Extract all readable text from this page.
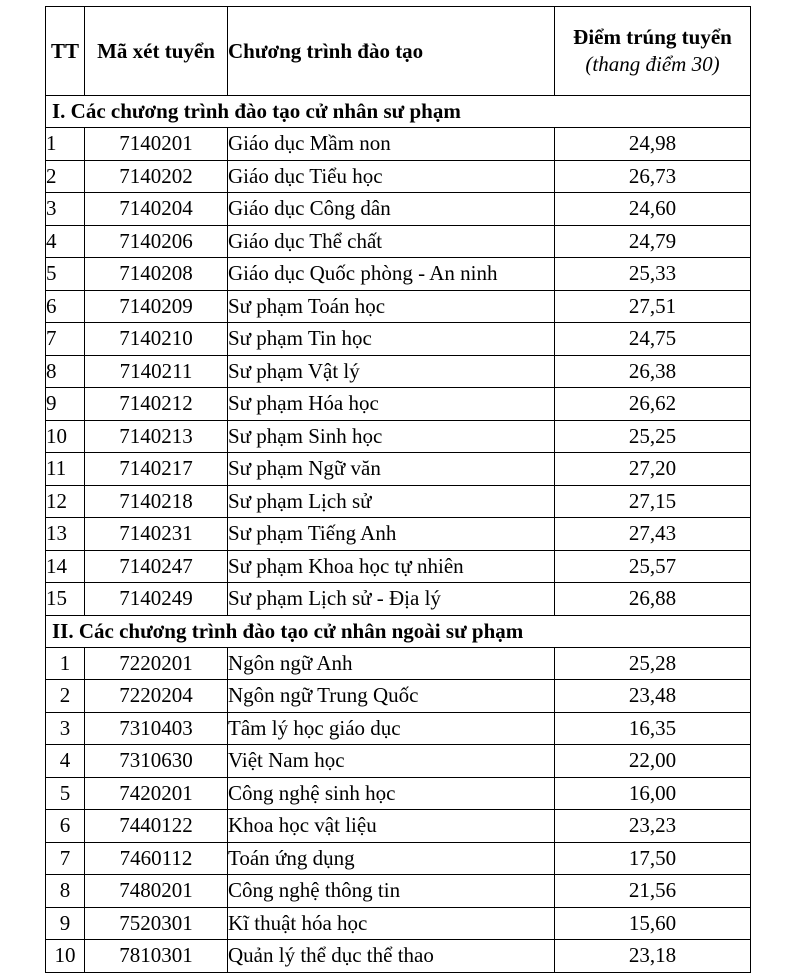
TT	Mã xét tuyển	Chương trình đào tạo	Điểm trúng tuyển
(thang điểm 30)

I. Các chương trình đào tạo cử nhân sư phạm			
1	7140201	Giáo dục Mầm non	24,98
2	7140202	Giáo dục Tiểu học	26,73
3	7140204	Giáo dục Công dân	24,60
4	7140206	Giáo dục Thể chất	24,79
5	7140208	Giáo dục Quốc phòng - An ninh	25,33
6	7140209	Sư phạm Toán học	27,51
7	7140210	Sư phạm Tin học	24,75
8	7140211	Sư phạm Vật lý	26,38
9	7140212	Sư phạm Hóa học	26,62
10	7140213	Sư phạm Sinh học	25,25
11	7140217	Sư phạm Ngữ văn	27,20
12	7140218	Sư phạm Lịch sử	27,15
13	7140231	Sư phạm Tiếng Anh	27,43
14	7140247	Sư phạm Khoa học tự nhiên	25,57
15	7140249	Sư phạm Lịch sử - Địa lý	26,88
II. Các chương trình đào tạo cử nhân ngoài sư phạm			
1	7220201	Ngôn ngữ Anh	25,28
2	7220204	Ngôn ngữ Trung Quốc	23,48
3	7310403	Tâm lý học giáo dục	16,35
4	7310630	Việt Nam học	22,00
5	7420201	Công nghệ sinh học	16,00
6	7440122	Khoa học vật liệu	23,23
7	7460112	Toán ứng dụng	17,50
8	7480201	Công nghệ thông tin	21,56
9	7520301	Kĩ thuật hóa học	15,60
10	7810301	Quản lý thể dục thể thao	23,18
